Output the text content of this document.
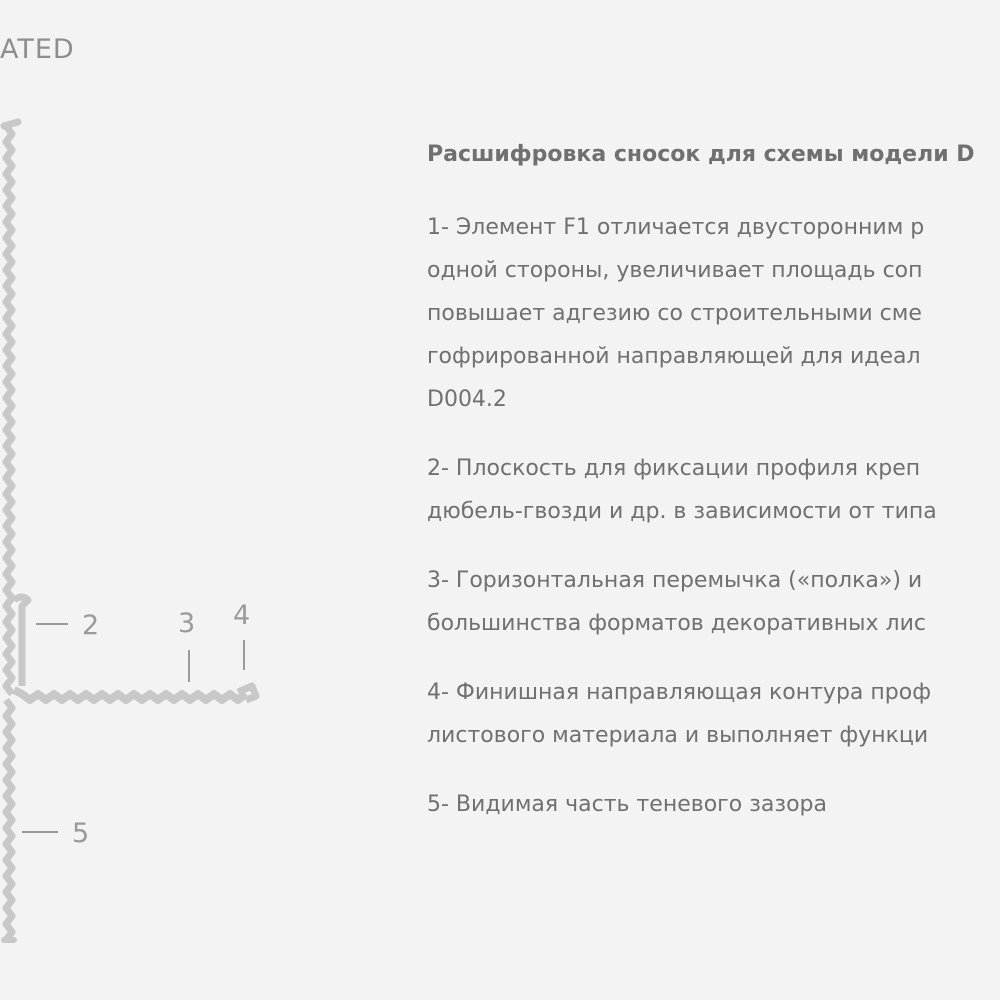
ATED
2	3 4
5
Расшифровка сносок для схемы модели D
1- Элемент F1 отличается двусторонним р
одной стороны, увеличивает площадь соп
повышает адгезию со строительными сме
гофрированной направляющей для идеал
D004.2
2- Плоскость для фиксации профиля креп
дюбель-гвозди и др. в зависимости от типа
3- Горизонтальная перемычка («полка») и
большинства форматов декоративных лис
4- Финишная направляющая контура проф
листового материала и выполняет функци
5- Видимая часть теневого зазора
